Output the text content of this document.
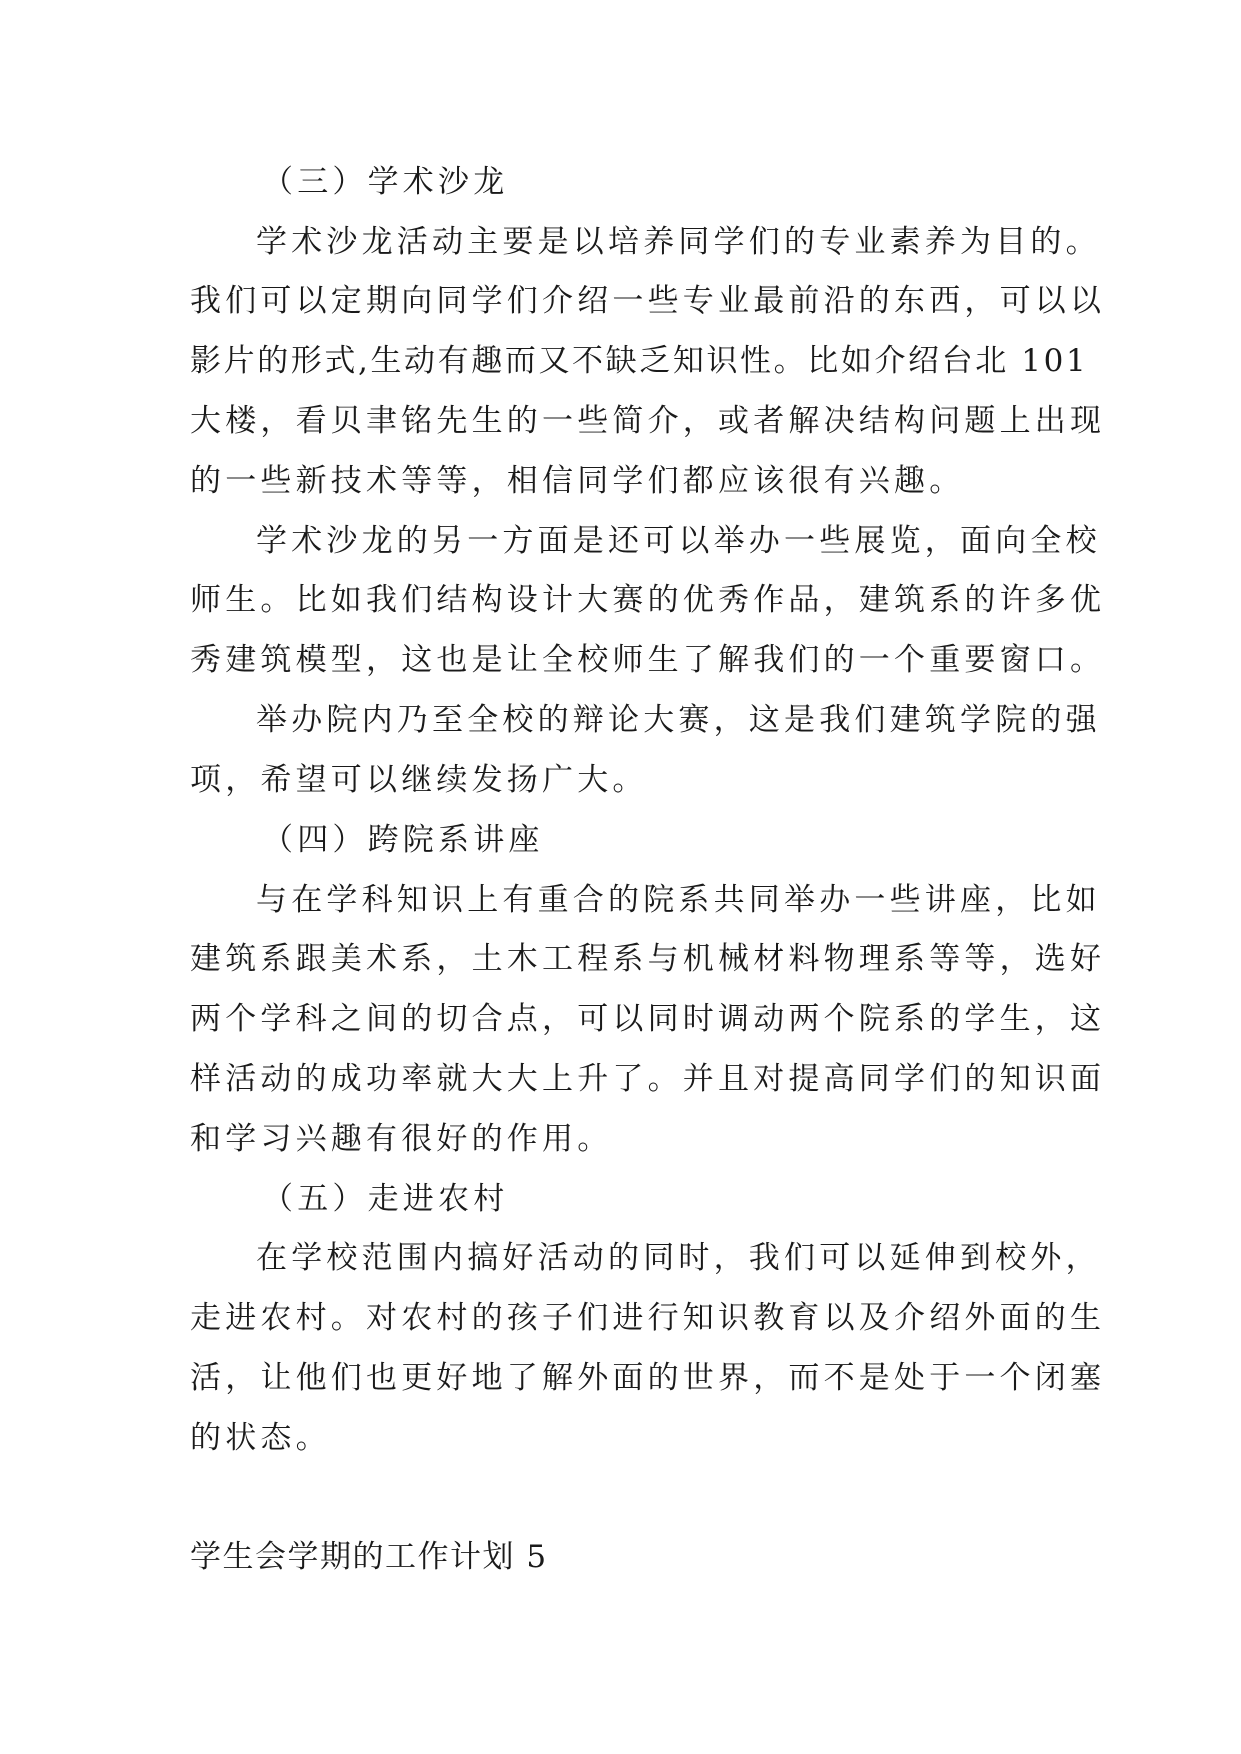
（三）学术沙龙
学术沙龙活动主要是以培养同学们的专业素养为目的。
我们可以定期向同学们介绍一些专业最前沿的东西，可以以
影片的形式,生动有趣而又不缺乏知识性。比如介绍台北 101
大楼，看贝聿铭先生的一些简介，或者解决结构问题上出现
的一些新技术等等，相信同学们都应该很有兴趣。
学术沙龙的另一方面是还可以举办一些展览，面向全校
师生。比如我们结构设计大赛的优秀作品，建筑系的许多优
秀建筑模型，这也是让全校师生了解我们的一个重要窗口。
举办院内乃至全校的辩论大赛，这是我们建筑学院的强
项，希望可以继续发扬广大。
（四）跨院系讲座
与在学科知识上有重合的院系共同举办一些讲座，比如
建筑系跟美术系，土木工程系与机械材料物理系等等，选好
两个学科之间的切合点，可以同时调动两个院系的学生，这
样活动的成功率就大大上升了。并且对提高同学们的知识面
和学习兴趣有很好的作用。
（五）走进农村
在学校范围内搞好活动的同时，我们可以延伸到校外，
走进农村。对农村的孩子们进行知识教育以及介绍外面的生
活，让他们也更好地了解外面的世界，而不是处于一个闭塞
的状态。
学生会学期的工作计划 5
